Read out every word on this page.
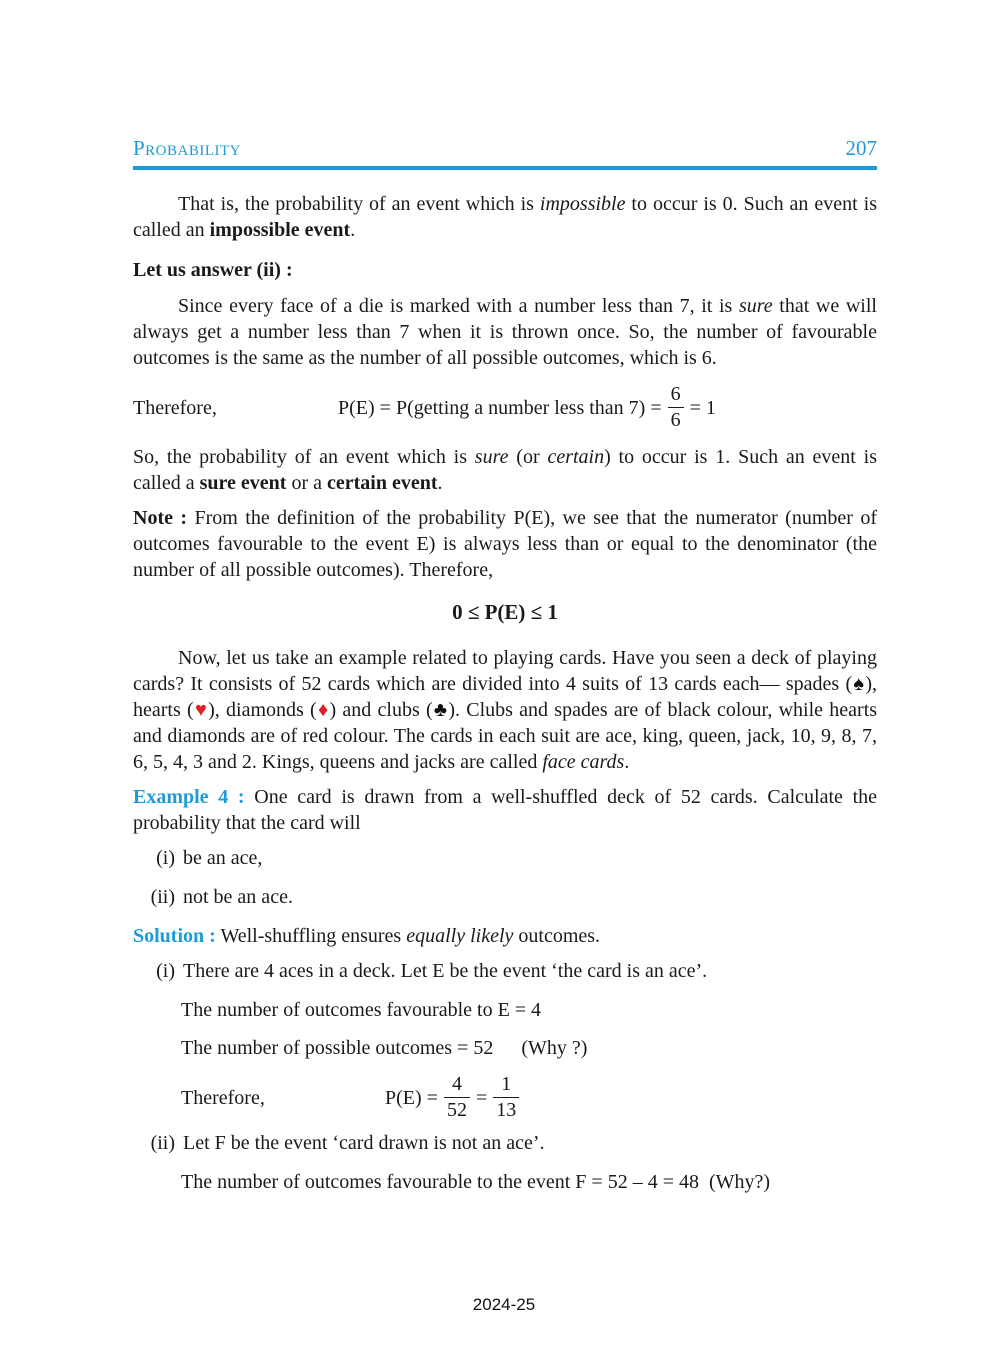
Probability	207

That is, the probability of an event which is impossible to occur is 0. Such an event is called an impossible event.

Let us answer (ii) :

Since every face of a die is marked with a number less than 7, it is sure that we will always get a number less than 7 when it is thrown once. So, the number of favourable outcomes is the same as the number of all possible outcomes, which is 6.

Therefore,	P(E) = P(getting a number less than $7) = \frac{6}{6} = 1$

So, the probability of an event which is sure (or certain) to occur is 1. Such an event is called a sure event or a certain event.

Note : From the definition of the probability P(E), we see that the numerator (number of outcomes favourable to the event E) is always less than or equal to the denominator (the number of all possible outcomes). Therefore,

0 ≤ P(E) ≤ 1

Now, let us take an example related to playing cards. Have you seen a deck of playing cards? It consists of 52 cards which are divided into 4 suits of 13 cards each— spades (♠), hearts (♥), diamonds (♦) and clubs (♣). Clubs and spades are of black colour, while hearts and diamonds are of red colour. The cards in each suit are ace, king, queen, jack, 10, 9, 8, 7, 6, 5, 4, 3 and 2. Kings, queens and jacks are called face cards.

Example 4 : One card is drawn from a well-shuffled deck of 52 cards. Calculate the probability that the card will

(i) be an ace,
(ii) not be an ace.

Solution : Well-shuffling ensures equally likely outcomes.

(i) There are 4 aces in a deck. Let E be the event ‘the card is an ace’.
The number of outcomes favourable to E = 4
The number of possible outcomes = 52 (Why ?)
Therefore,	$P(E) = \frac{4}{52} = \frac{1}{13}$
(ii) Let F be the event ‘card drawn is not an ace’.
The number of outcomes favourable to the event F = 52 – 4 = 48 (Why?)
2024-25
